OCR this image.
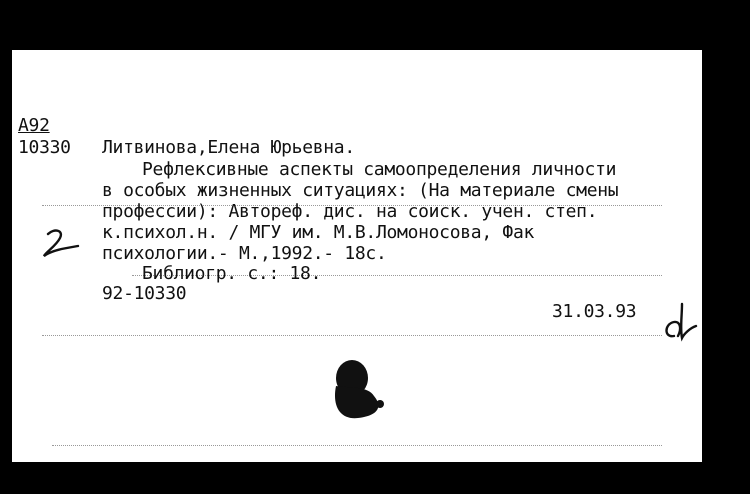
А92
10330 Литвинова,Елена Юрьевна.
Рефлексивные аспекты самоопределения личности
в особых жизненных ситуациях: (На материале смены
профессии): Автореф. дис. на соиск. учен. степ.
к.психол.н. / МГУ им. М.В.Ломоносова, Фак
психологии.- М.,1992.- 18с.
Библиогр. с.: 18.
92-10330
31.03.93
